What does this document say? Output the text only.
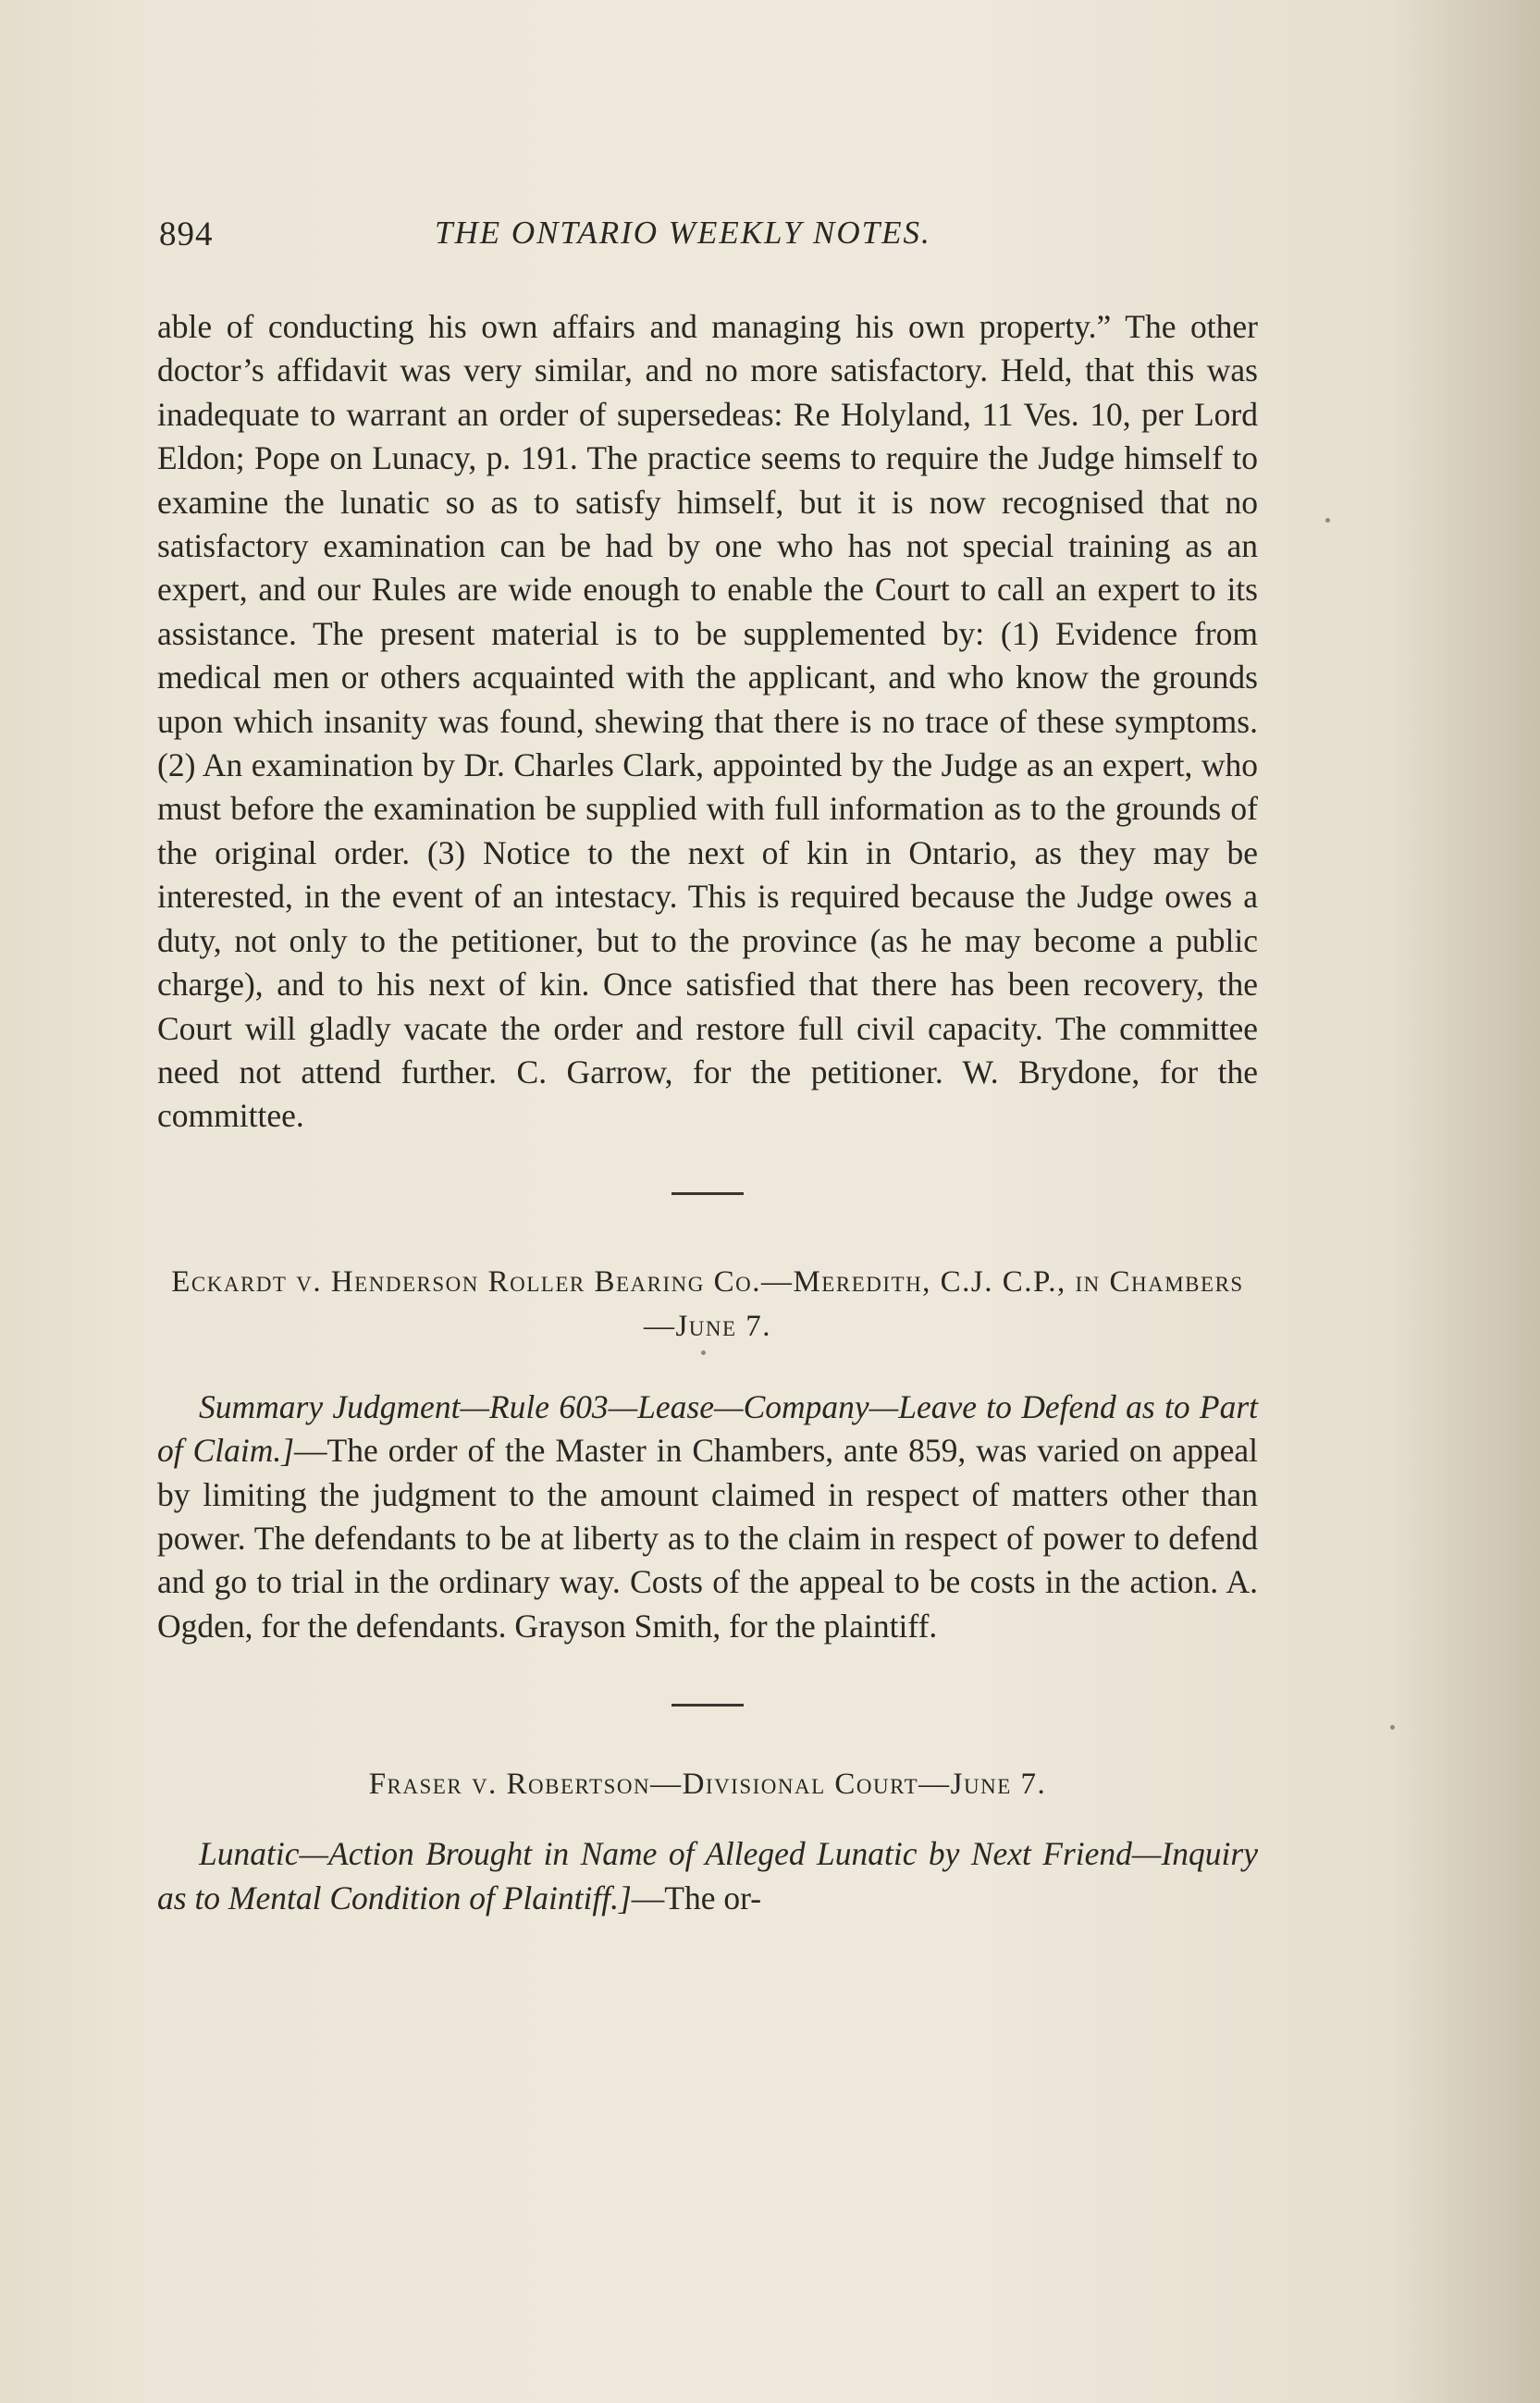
894	THE ONTARIO WEEKLY NOTES.

able of conducting his own affairs and managing his own property.” The other doctor’s affidavit was very similar, and no more satisfactory. Held, that this was inadequate to warrant an order of supersedeas: Re Holyland, 11 Ves. 10, per Lord Eldon; Pope on Lunacy, p. 191. The practice seems to require the Judge himself to examine the lunatic so as to satisfy himself, but it is now recognised that no satisfactory examination can be had by one who has not special training as an expert, and our Rules are wide enough to enable the Court to call an expert to its assistance. The present material is to be supplemented by: (1) Evidence from medical men or others acquainted with the applicant, and who know the grounds upon which insanity was found, shewing that there is no trace of these symptoms. (2) An examination by Dr. Charles Clark, appointed by the Judge as an expert, who must before the examination be supplied with full information as to the grounds of the original order. (3) Notice to the next of kin in Ontario, as they may be interested, in the event of an intestacy. This is required because the Judge owes a duty, not only to the petitioner, but to the province (as he may become a public charge), and to his next of kin. Once satisfied that there has been recovery, the Court will gladly vacate the order and restore full civil capacity. The committee need not attend further. C. Garrow, for the petitioner. W. Brydone, for the committee.

Eckardt v. Henderson Roller Bearing Co.—Meredith, C.J. C.P., in Chambers—June 7.

Summary Judgment—Rule 603—Lease—Company—Leave to Defend as to Part of Claim.]—The order of the Master in Chambers, ante 859, was varied on appeal by limiting the judgment to the amount claimed in respect of matters other than power. The defendants to be at liberty as to the claim in respect of power to defend and go to trial in the ordinary way. Costs of the appeal to be costs in the action. A. Ogden, for the defendants. Grayson Smith, for the plaintiff.

Fraser v. Robertson—Divisional Court—June 7.

Lunatic—Action Brought in Name of Alleged Lunatic by Next Friend—Inquiry as to Mental Condition of Plaintiff.]—The or-
